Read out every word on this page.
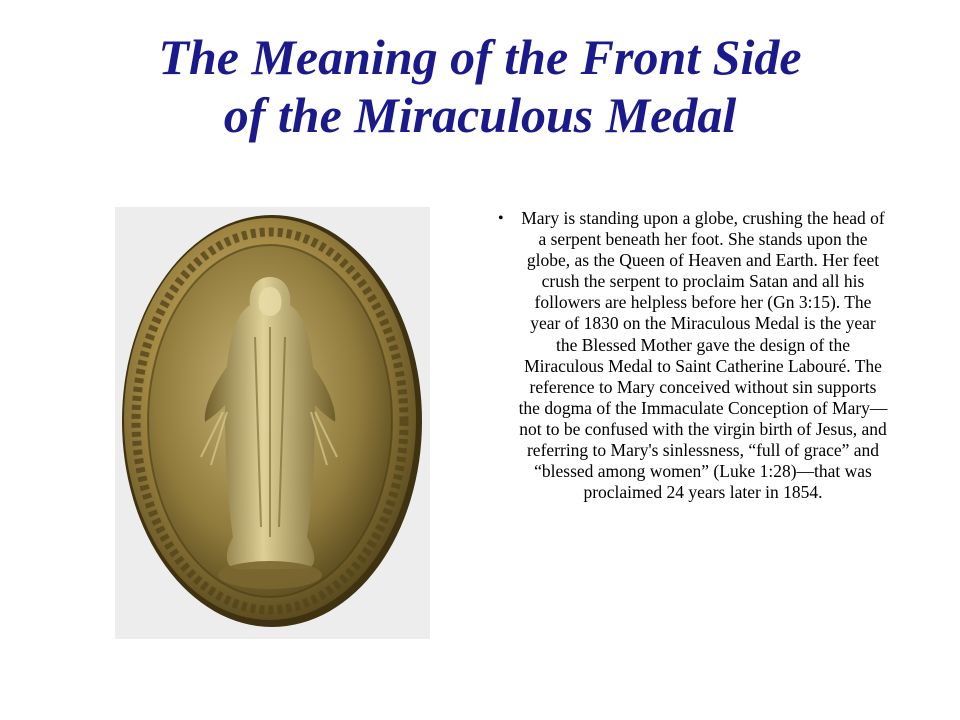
The Meaning of the Front Side
of the Miraculous Medal
• Mary is standing upon a globe, crushing the head of a serpent beneath her foot. She stands upon the globe, as the Queen of Heaven and Earth. Her feet crush the serpent to proclaim Satan and all his followers are helpless before her (Gn 3:15). The year of 1830 on the Miraculous Medal is the year the Blessed Mother gave the design of the Miraculous Medal to Saint Catherine Labouré. The reference to Mary conceived without sin supports the dogma of the Immaculate Conception of Mary—not to be confused with the virgin birth of Jesus, and referring to Mary's sinlessness, “full of grace” and “blessed among women” (Luke 1:28)—that was proclaimed 24 years later in 1854.
